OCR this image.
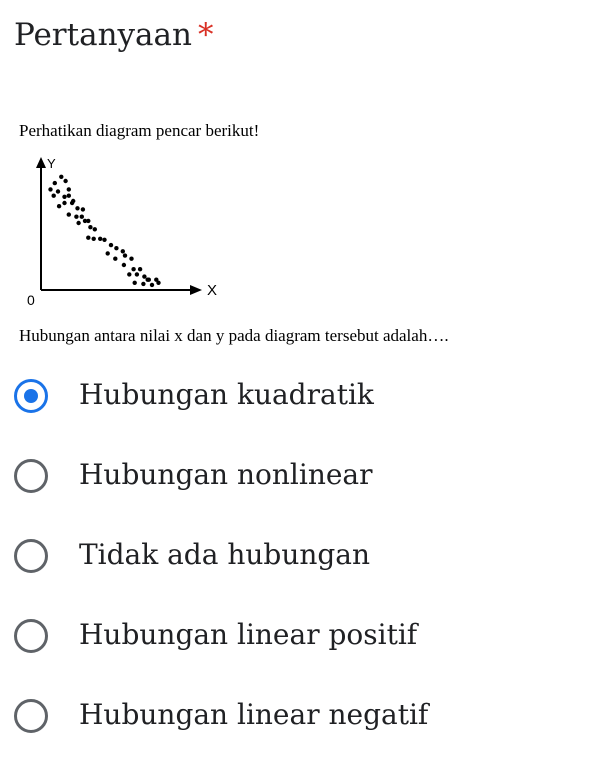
Pertanyaan *
Perhatikan diagram pencar berikut!
Y
X
0
Hubungan antara nilai x dan y pada diagram tersebut adalah….
Hubungan kuadratik
Hubungan nonlinear
Tidak ada hubungan
Hubungan linear positif
Hubungan linear negatif
